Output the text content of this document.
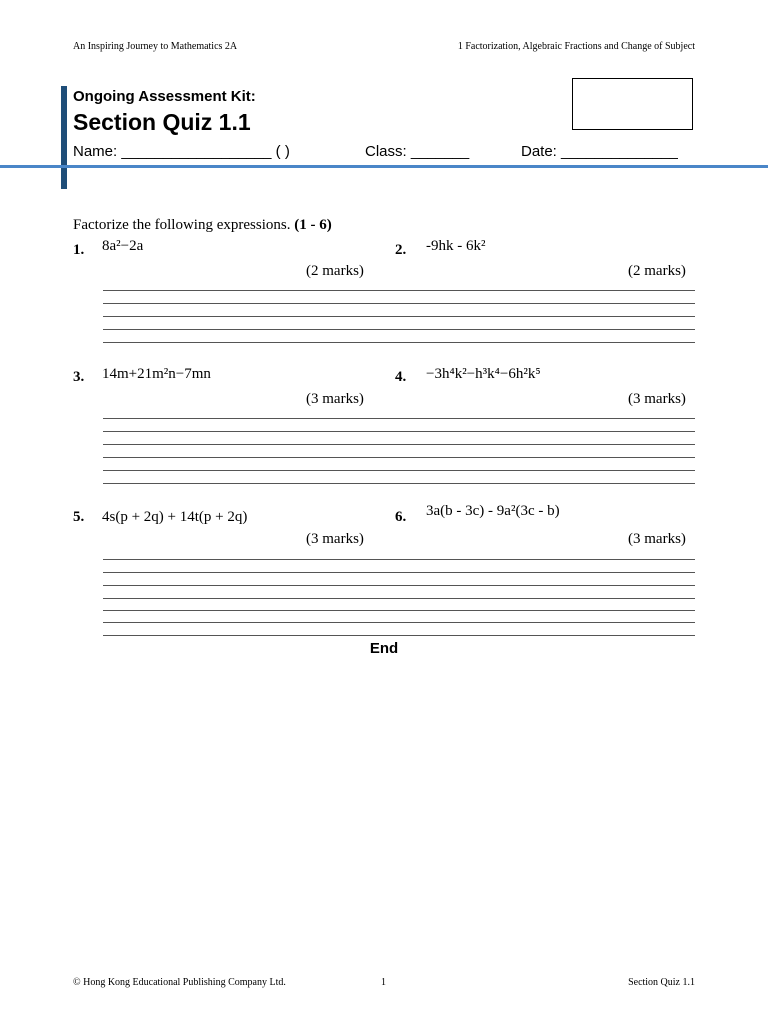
An Inspiring Journey to Mathematics 2A	1 Factorization, Algebraic Fractions and Change of Subject
Ongoing Assessment Kit:
Section Quiz 1.1
Name: __________________ ( )	Class: _______	Date: ______________
Factorize the following expressions. (1 - 6)
1. 8a²−2a
(2 marks)
2. -9hk - 6k²
(2 marks)
3. 14m+21m²n−7mn
(3 marks)
4. −3h⁴k²−h³k⁴−6h²k⁵
(3 marks)
5. 4s(p + 2q) + 14t(p + 2q)
(3 marks)
6. 3a(b - 3c) - 9a²(3c - b)
(3 marks)
End
© Hong Kong Educational Publishing Company Ltd.	1	Section Quiz 1.1
